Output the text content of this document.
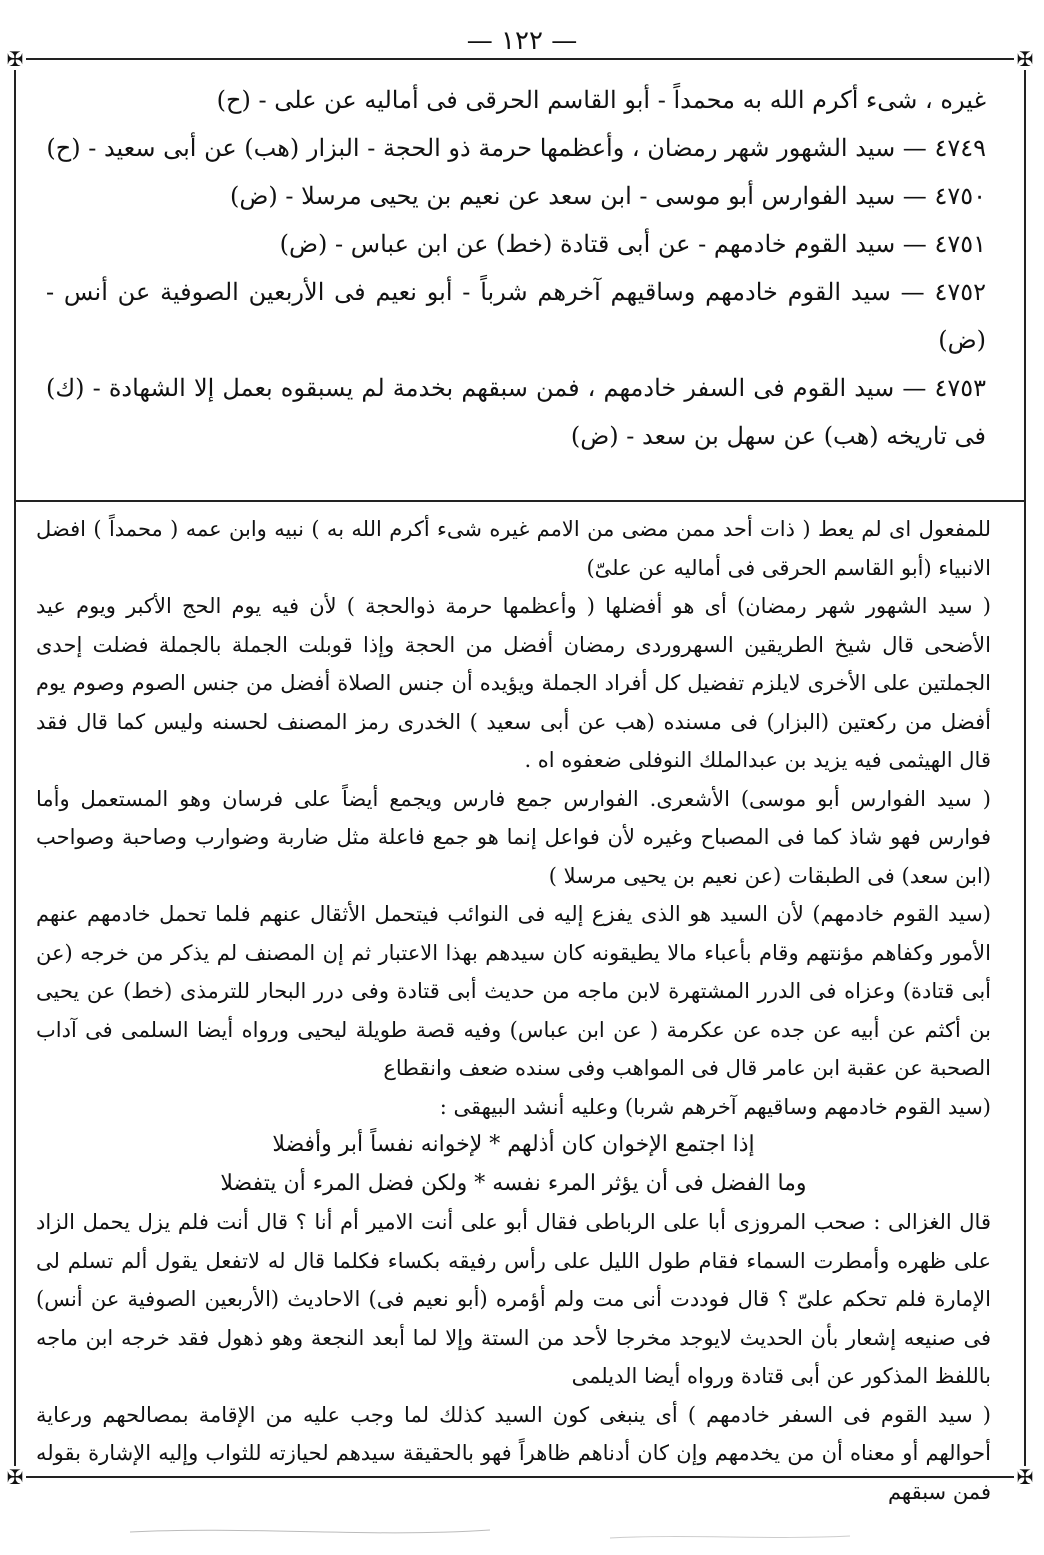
— ١٢٢ —
✠	✠
✠	✠

غيره ، شىء أكرم الله به محمداً - أبو القاسم الحرقى فى أماليه عن على - (ح)

٤٧٤٩ — سيد الشهور شهر رمضان ، وأعظمها حرمة ذو الحجة - البزار (هب) عن أبى سعيد - (ح)

٤٧٥٠ — سيد الفوارس أبو موسى - ابن سعد عن نعيم بن يحيى مرسلا - (ض)

٤٧٥١ — سيد القوم خادمهم - عن أبى قتادة (خط) عن ابن عباس - (ض)

٤٧٥٢ — سيد القوم خادمهم وساقيهم آخرهم شرباً - أبو نعيم فى الأربعين الصوفية عن أنس - (ض)

٤٧٥٣ — سيد القوم فى السفر خادمهم ، فمن سبقهم بخدمة لم يسبقوه بعمل إلا الشهادة - (ك) فى تاريخه (هب) عن سهل بن سعد - (ض)

للمفعول اى لم يعط ( ذات أحد ممن مضى من الامم غيره شىء أكرم الله به ) نبيه وابن عمه ( محمداً ) افضل الانبياء (أبو القاسم الحرقى فى أماليه عن علىّ)

( سيد الشهور شهر رمضان) أى هو أفضلها ( وأعظمها حرمة ذوالحجة ) لأن فيه يوم الحج الأكبر ويوم عيد الأضحى قال شيخ الطريقين السهروردى رمضان أفضل من الحجة وإذا قوبلت الجملة بالجملة فضلت إحدى الجملتين على الأخرى لايلزم تفضيل كل أفراد الجملة ويؤيده أن جنس الصلاة أفضل من جنس الصوم وصوم يوم أفضل من ركعتين (البزار) فى مسنده (هب عن أبى سعيد ) الخدرى رمز المصنف لحسنه وليس كما قال فقد قال الهيثمى فيه يزيد بن عبدالملك النوفلى ضعفوه اه .

( سيد الفوارس أبو موسى) الأشعرى. الفوارس جمع فارس ويجمع أيضاً على فرسان وهو المستعمل وأما فوارس فهو شاذ كما فى المصباح وغيره لأن فواعل إنما هو جمع فاعلة مثل ضاربة وضوارب وصاحبة وصواحب (ابن سعد) فى الطبقات (عن نعيم بن يحيى مرسلا )

(سيد القوم خادمهم) لأن السيد هو الذى يفزع إليه فى النوائب فيتحمل الأثقال عنهم فلما تحمل خادمهم عنهم الأمور وكفاهم مؤنتهم وقام بأعباء مالا يطيقونه كان سيدهم بهذا الاعتبار ثم إن المصنف لم يذكر من خرجه (عن أبى قتادة) وعزاه فى الدرر المشتهرة لابن ماجه من حديث أبى قتادة وفى درر البحار للترمذى (خط) عن يحيى بن أكثم عن أبيه عن جده عن عكرمة ( عن ابن عباس) وفيه قصة طويلة ليحيى ورواه أيضا السلمى فى آداب الصحبة عن عقبة ابن عامر قال فى المواهب وفى سنده ضعف وانقطاع

(سيد القوم خادمهم وساقيهم آخرهم شربا) وعليه أنشد البيهقى :

إذا اجتمع الإخوان كان أذلهم * لإخوانه نفساً أبر وأفضلا

وما الفضل فى أن يؤثر المرء نفسه * ولكن فضل المرء أن يتفضلا

قال الغزالى : صحب المروزى أبا على الرباطى فقال أبو على أنت الامير أم أنا ؟ قال أنت فلم يزل يحمل الزاد على ظهره وأمطرت السماء فقام طول الليل على رأس رفيقه بكساء فكلما قال له لاتفعل يقول ألم تسلم لى الإمارة فلم تحكم علىّ ؟ قال فوددت أنى مت ولم أؤمره (أبو نعيم فى) الاحاديث (الأربعين الصوفية عن أنس) فى صنيعه إشعار بأن الحديث لايوجد مخرجا لأحد من الستة وإلا لما أبعد النجعة وهو ذهول فقد خرجه ابن ماجه باللفظ المذكور عن أبى قتادة ورواه أيضا الديلمى

( سيد القوم فى السفر خادمهم ) أى ينبغى كون السيد كذلك لما وجب عليه من الإقامة بمصالحهم ورعاية أحوالهم أو معناه أن من يخدمهم وإن كان أدناهم ظاهراً فهو بالحقيقة سيدهم لحيازته للثواب وإليه الإشارة بقوله فمن سبقهم
